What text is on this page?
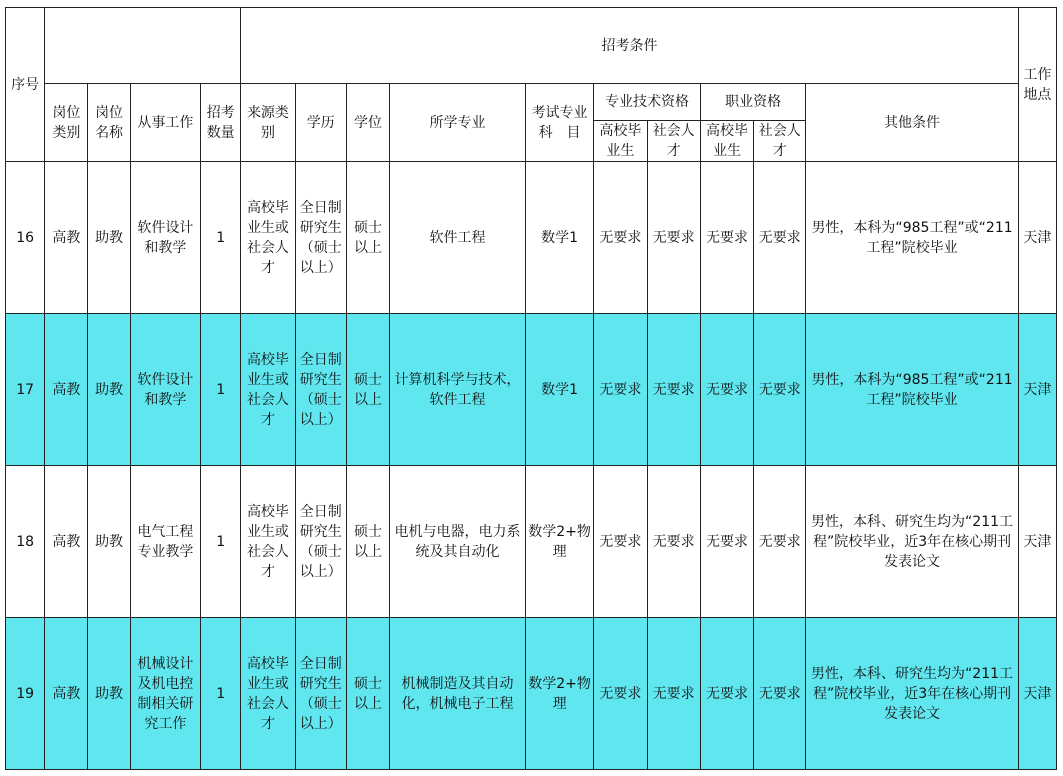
序号					招考条件										工作地点
	岗位类别	岗位名称	从事工作	招考数量	来源类别	学历	学位	所学专业	考试专业科　目	专业技术资格		职业资格		其他条件	
										高校毕业生	社会人才	高校毕业生	社会人才		
16	高教	助教	软件设计和教学	1	高校毕业生或社会人才	全日制研究生（硕士以上）	硕士以上	软件工程	数学1	无要求	无要求	无要求	无要求	男性，本科为“985工程”或“211工程”院校毕业	天津
17	高教	助教	软件设计和教学	1	高校毕业生或社会人才	全日制研究生（硕士以上）	硕士以上	计算机科学与技术，软件工程	数学1	无要求	无要求	无要求	无要求	男性，本科为“985工程”或“211工程”院校毕业	天津
18	高教	助教	电气工程专业教学	1	高校毕业生或社会人才	全日制研究生（硕士以上）	硕士以上	电机与电器，电力系统及其自动化	数学2+物理	无要求	无要求	无要求	无要求	男性，本科、研究生均为“211工程”院校毕业，近3年在核心期刊发表论文	天津
19	高教	助教	机械设计及机电控制相关研究工作	1	高校毕业生或社会人才	全日制研究生（硕士以上）	硕士以上	机械制造及其自动化，机械电子工程	数学2+物理	无要求	无要求	无要求	无要求	男性，本科、研究生均为“211工程”院校毕业，近3年在核心期刊发表论文	天津
